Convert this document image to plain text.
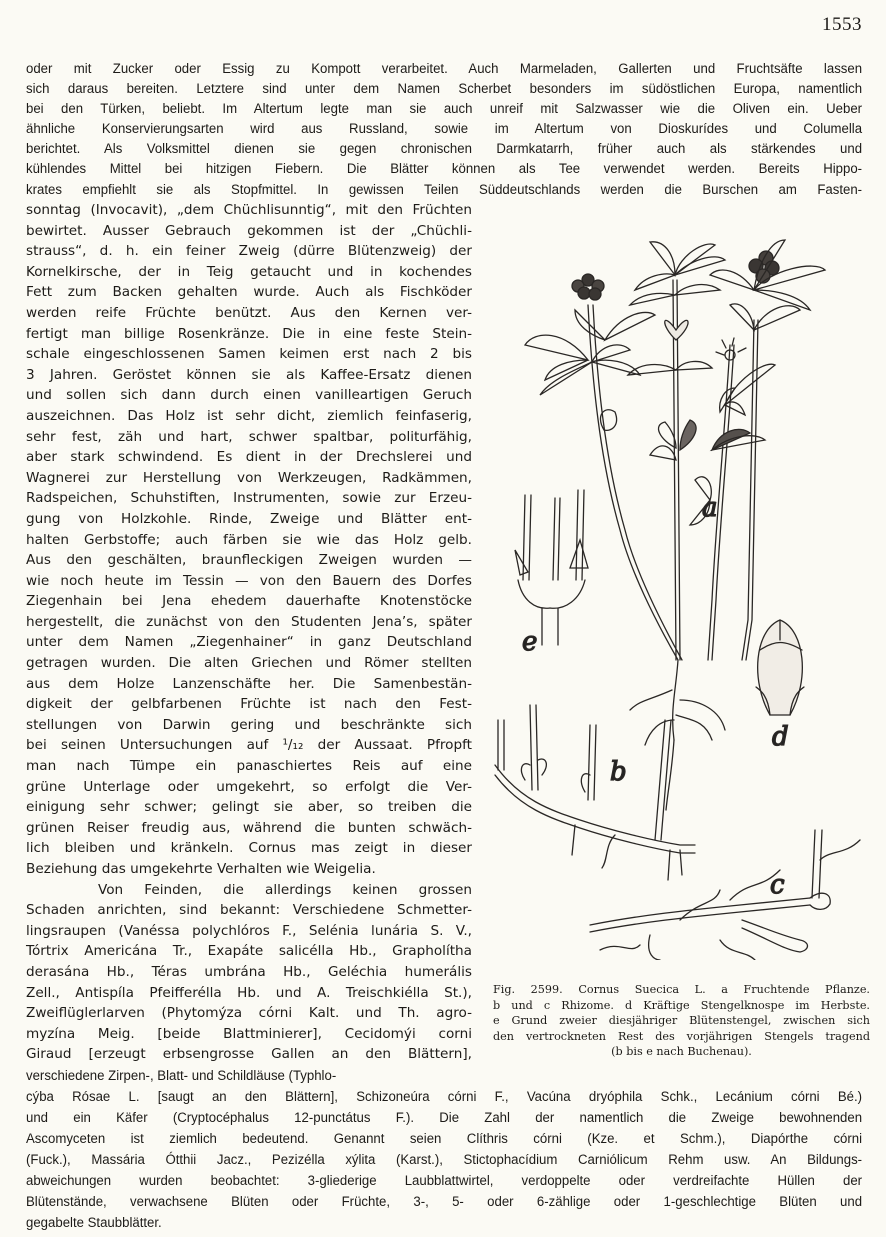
1553
oder mit Zucker oder Essig zu Kompott verarbeitet. Auch Marmeladen, Gallerten und Fruchtsäfte lassen
sich daraus bereiten. Letztere sind unter dem Namen Scherbet besonders im südöstlichen Europa, namentlich
bei den Türken, beliebt. Im Altertum legte man sie auch unreif mit Salzwasser wie die Oliven ein. Ueber
ähnliche Konservierungsarten wird aus Russland, sowie im Altertum von Dioskurídes und Columella
berichtet. Als Volksmittel dienen sie gegen chronischen Darmkatarrh, früher auch als stärkendes und
kühlendes Mittel bei hitzigen Fiebern. Die Blätter können als Tee verwendet werden. Bereits Hippo-
krates empfiehlt sie als Stopfmittel. In gewissen Teilen Süddeutschlands werden die Burschen am Fasten-
sonntag (Invocavit), „dem Chüchlisunntig“, mit den Früchten
bewirtet. Ausser Gebrauch gekommen ist der „Chüchli-
strauss“, d. h. ein feiner Zweig (dürre Blütenzweig) der
Kornelkirsche, der in Teig getaucht und in kochendes
Fett zum Backen gehalten wurde. Auch als Fischköder
werden reife Früchte benützt. Aus den Kernen ver-
fertigt man billige Rosenkränze. Die in eine feste Stein-
schale eingeschlossenen Samen keimen erst nach 2 bis
3 Jahren. Geröstet können sie als Kaffee-Ersatz dienen
und sollen sich dann durch einen vanilleartigen Geruch
auszeichnen. Das Holz ist sehr dicht, ziemlich feinfaserig,
sehr fest, zäh und hart, schwer spaltbar, politurfähig,
aber stark schwindend. Es dient in der Drechslerei und
Wagnerei zur Herstellung von Werkzeugen, Radkämmen,
Radspeichen, Schuhstiften, Instrumenten, sowie zur Erzeu-
gung von Holzkohle. Rinde, Zweige und Blätter ent-
halten Gerbstoffe; auch färben sie wie das Holz gelb.
Aus den geschälten, braunfleckigen Zweigen wurden —
wie noch heute im Tessin — von den Bauern des Dorfes
Ziegenhain bei Jena ehedem dauerhafte Knotenstöcke
hergestellt, die zunächst von den Studenten Jena’s, später
unter dem Namen „Ziegenhainer“ in ganz Deutschland
getragen wurden. Die alten Griechen und Römer stellten
aus dem Holze Lanzenschäfte her. Die Samenbestän-
digkeit der gelbfarbenen Früchte ist nach den Fest-
stellungen von Darwin gering und beschränkte sich
bei seinen Untersuchungen auf ¹/₁₂ der Aussaat. Pfropft
man nach Tümpe ein panaschiertes Reis auf eine
grüne Unterlage oder umgekehrt, so erfolgt die Ver-
einigung sehr schwer; gelingt sie aber, so treiben die
grünen Reiser freudig aus, während die bunten schwäch-
lich bleiben und kränkeln. Cornus mas zeigt in dieser
Beziehung das umgekehrte Verhalten wie Weigelia.
Von Feinden, die allerdings keinen grossen
Schaden anrichten, sind bekannt: Verschiedene Schmetter-
lingsraupen (Vanéssa polychlóros F., Selénia lunária S. V.,
Tórtrix Americána Tr., Exapáte salicélla Hb., Grapholítha
derasána Hb., Téras umbrána Hb., Geléchia humerális
Zell., Antispíla Pfeifferélla Hb. und A. Treischkiélla St.),
Zweiflüglerlarven (Phytomýza córni Kalt. und Th. agro-
myzína Meig. [beide Blattminierer], Cecidomýi corni
Giraud [erzeugt erbsengrosse Gallen an den Blättern],
e
a
d
b
c
Fig. 2599. Cornus Suecica L. a Fruchtende Pflanze.
b und c Rhizome. d Kräftige Stengelknospe im Herbste.
e Grund zweier diesjähriger Blütenstengel, zwischen sich
den vertrockneten Rest des vorjährigen Stengels tragend
(b bis e nach Buchenau).
verschiedene Zirpen-, Blatt- und Schildläuse (Typhlo-
cýba Rósae L. [saugt an den Blättern], Schizoneúra córni F., Vacúna dryóphila Schk., Lecánium córni Bé.)
und ein Käfer (Cryptocéphalus 12-punctátus F.). Die Zahl der namentlich die Zweige bewohnenden
Ascomyceten ist ziemlich bedeutend. Genannt seien Clíthris córni (Kze. et Schm.), Diapórthe córni
(Fuck.), Massária Ótthii Jacz., Pezizélla xýlita (Karst.), Stictophacídium Carniólicum Rehm usw. An Bildungs-
abweichungen wurden beobachtet: 3-gliederige Laubblattwirtel, verdoppelte oder verdreifachte Hüllen der
Blütenstände, verwachsene Blüten oder Früchte, 3-, 5- oder 6-zählige oder 1-geschlechtige Blüten und
gegabelte Staubblätter.
